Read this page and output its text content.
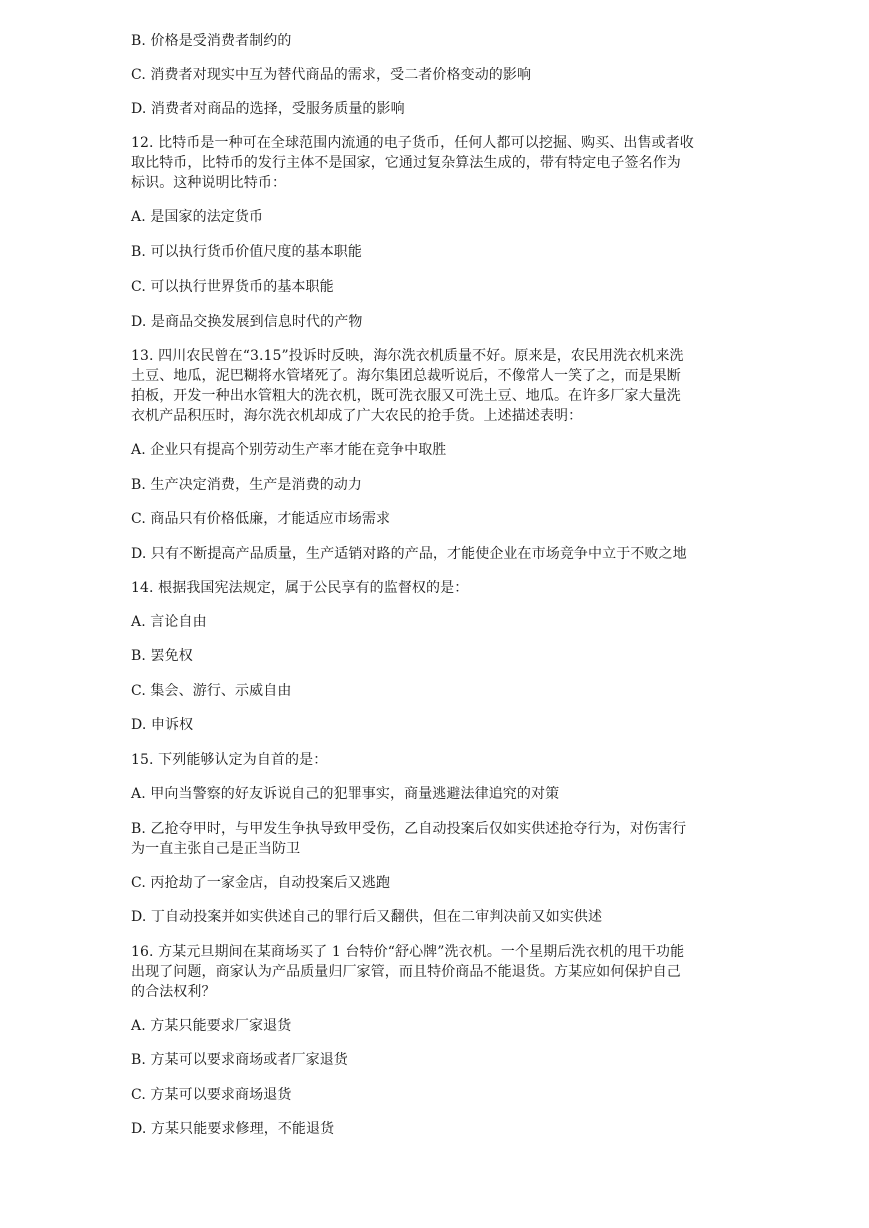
B. 价格是受消费者制约的
C. 消费者对现实中互为替代商品的需求，受二者价格变动的影响
D. 消费者对商品的选择，受服务质量的影响
12. 比特币是一种可在全球范围内流通的电子货币，任何人都可以挖掘、购买、出售或者收
取比特币，比特币的发行主体不是国家，它通过复杂算法生成的，带有特定电子签名作为
标识。这种说明比特币：
A. 是国家的法定货币
B. 可以执行货币价值尺度的基本职能
C. 可以执行世界货币的基本职能
D. 是商品交换发展到信息时代的产物
13. 四川农民曾在“3.15”投诉时反映，海尔洗衣机质量不好。原来是，农民用洗衣机来洗
土豆、地瓜，泥巴糊将水管堵死了。海尔集团总裁听说后，不像常人一笑了之，而是果断
拍板，开发一种出水管粗大的洗衣机，既可洗衣服又可洗土豆、地瓜。在许多厂家大量洗
衣机产品积压时，海尔洗衣机却成了广大农民的抢手货。上述描述表明：
A. 企业只有提高个别劳动生产率才能在竞争中取胜
B. 生产决定消费，生产是消费的动力
C. 商品只有价格低廉，才能适应市场需求
D. 只有不断提高产品质量，生产适销对路的产品，才能使企业在市场竞争中立于不败之地
14. 根据我国宪法规定，属于公民享有的监督权的是：
A. 言论自由
B. 罢免权
C. 集会、游行、示威自由
D. 申诉权
15. 下列能够认定为自首的是：
A. 甲向当警察的好友诉说自己的犯罪事实，商量逃避法律追究的对策
B. 乙抢夺甲时，与甲发生争执导致甲受伤，乙自动投案后仅如实供述抢夺行为，对伤害行
为一直主张自己是正当防卫
C. 丙抢劫了一家金店，自动投案后又逃跑
D. 丁自动投案并如实供述自己的罪行后又翻供，但在二审判决前又如实供述
16. 方某元旦期间在某商场买了 1 台特价“舒心牌”洗衣机。一个星期后洗衣机的甩干功能
出现了问题，商家认为产品质量归厂家管，而且特价商品不能退货。方某应如何保护自己
的合法权利？
A. 方某只能要求厂家退货
B. 方某可以要求商场或者厂家退货
C. 方某可以要求商场退货
D. 方某只能要求修理，不能退货
